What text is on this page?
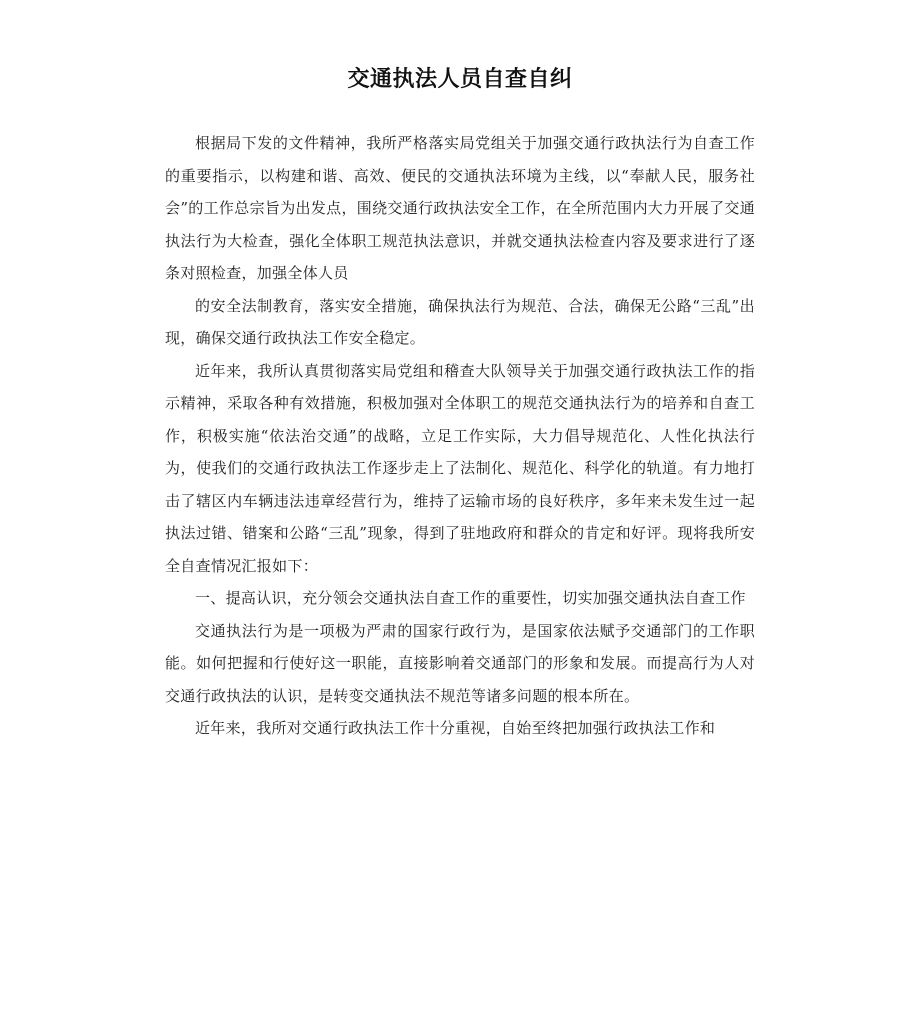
交通执法人员自查自纠

根据局下发的文件精神，我所严格落实局党组关于加强交通行政执法行为自查工作的重要指示，以构建和谐、高效、便民的交通执法环境为主线，以“奉献人民，服务社会”的工作总宗旨为出发点，围绕交通行政执法安全工作，在全所范围内大力开展了交通执法行为大检查，强化全体职工规范执法意识，并就交通执法检查内容及要求进行了逐条对照检查，加强全体人员

的安全法制教育，落实安全措施，确保执法行为规范、合法，确保无公路“三乱”出现，确保交通行政执法工作安全稳定。

近年来，我所认真贯彻落实局党组和稽查大队领导关于加强交通行政执法工作的指示精神，采取各种有效措施，积极加强对全体职工的规范交通执法行为的培养和自查工作，积极实施“依法治交通”的战略，立足工作实际，大力倡导规范化、人性化执法行为，使我们的交通行政执法工作逐步走上了法制化、规范化、科学化的轨道。有力地打击了辖区内车辆违法违章经营行为，维持了运输市场的良好秩序，多年来未发生过一起执法过错、错案和公路“三乱”现象，得到了驻地政府和群众的肯定和好评。现将我所安全自查情况汇报如下：

一、提高认识，充分领会交通执法自查工作的重要性，切实加强交通执法自查工作

交通执法行为是一项极为严肃的国家行政行为，是国家依法赋予交通部门的工作职能。如何把握和行使好这一职能，直接影响着交通部门的形象和发展。而提高行为人对交通行政执法的认识，是转变交通执法不规范等诸多问题的根本所在。

近年来，我所对交通行政执法工作十分重视，自始至终把加强行政执法工作和
